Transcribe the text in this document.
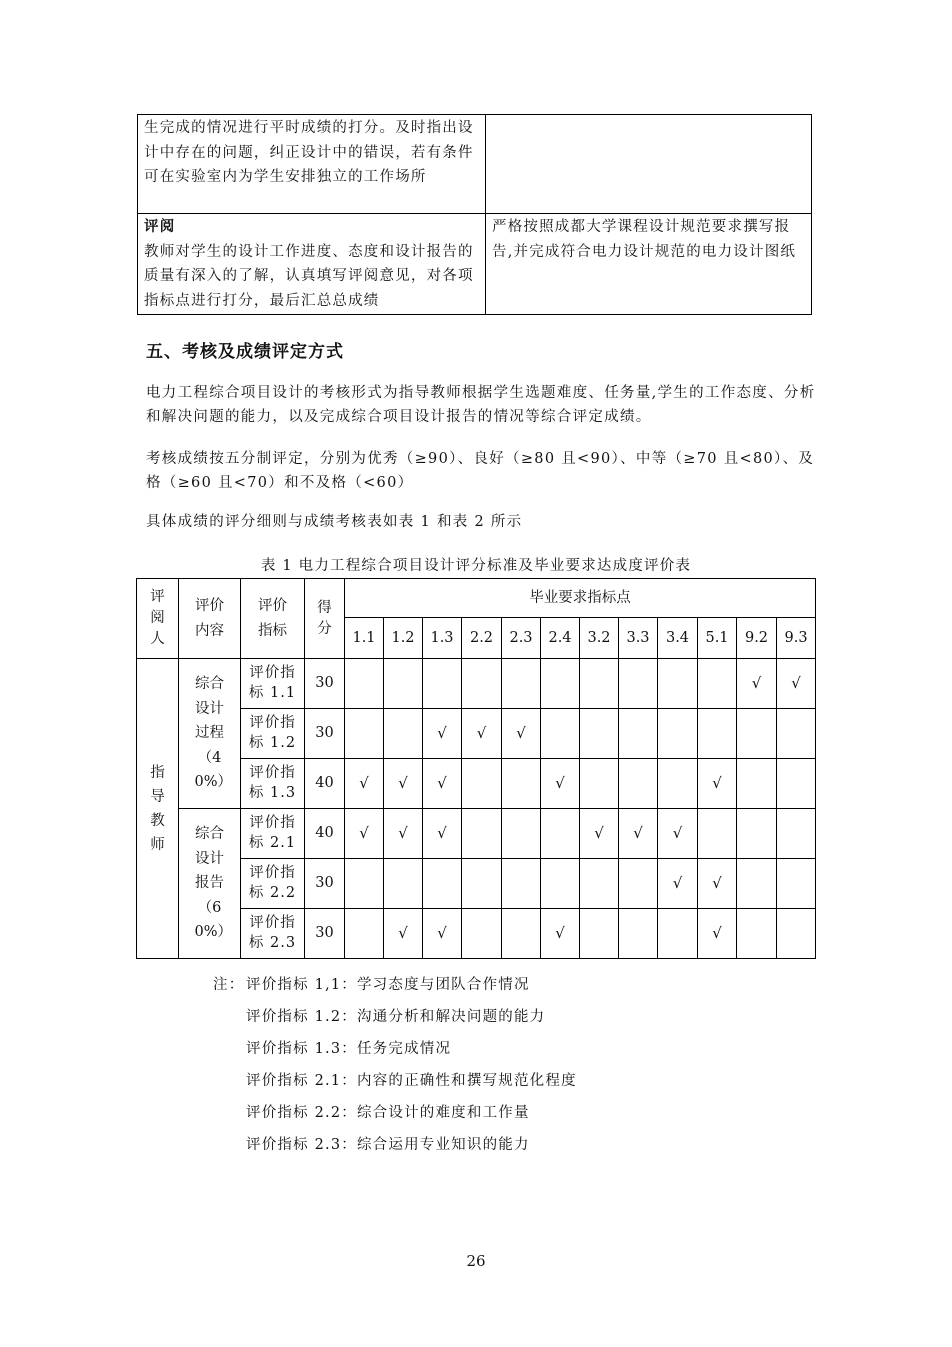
生完成的情况进行平时成绩的打分。及时指出设计中存在的问题，纠正设计中的错误，若有条件可在实验室内为学生安排独立的工作场所	

评阅
教师对学生的设计工作进度、态度和设计报告的质量有深入的了解，认真填写评阅意见，对各项指标点进行打分，最后汇总总成绩	严格按照成都大学课程设计规范要求撰写报告,并完成符合电力设计规范的电力设计图纸
五、考核及成绩评定方式
电力工程综合项目设计的考核形式为指导教师根据学生选题难度、任务量,学生的工作态度、分析和解决问题的能力，以及完成综合项目设计报告的情况等综合评定成绩。
考核成绩按五分制评定，分别为优秀（≥90）、良好（≥80 且<90）、中等（≥70 且<80）、及格（≥60 且<70）和不及格（<60）
具体成绩的评分细则与成绩考核表如表 1 和表 2 所示
表 1 电力工程综合项目设计评分标准及毕业要求达成度评价表
评阅人	评价内容	评价指标	得分	毕业要求指标点											
				1.1	1.2	1.3	2.2	2.3	2.4	3.2	3.3	3.4	5.1	9.2	9.3
指导教师	综合设计过程（40%）	评价指标 1.1	30											√	√
		评价指标 1.2	30			√	√	√							
		评价指标 1.3	40	√	√	√			√				√		
	综合设计报告（60%）	评价指标 2.1	40	√	√	√				√	√	√			
		评价指标 2.2	30									√	√		
		评价指标 2.3	30		√	√			√				√		
注： 评价指标 1,1：学习态度与团队合作情况
评价指标 1.2：沟通分析和解决问题的能力
评价指标 1.3：任务完成情况
评价指标 2.1：内容的正确性和撰写规范化程度
评价指标 2.2：综合设计的难度和工作量
评价指标 2.3：综合运用专业知识的能力
26
